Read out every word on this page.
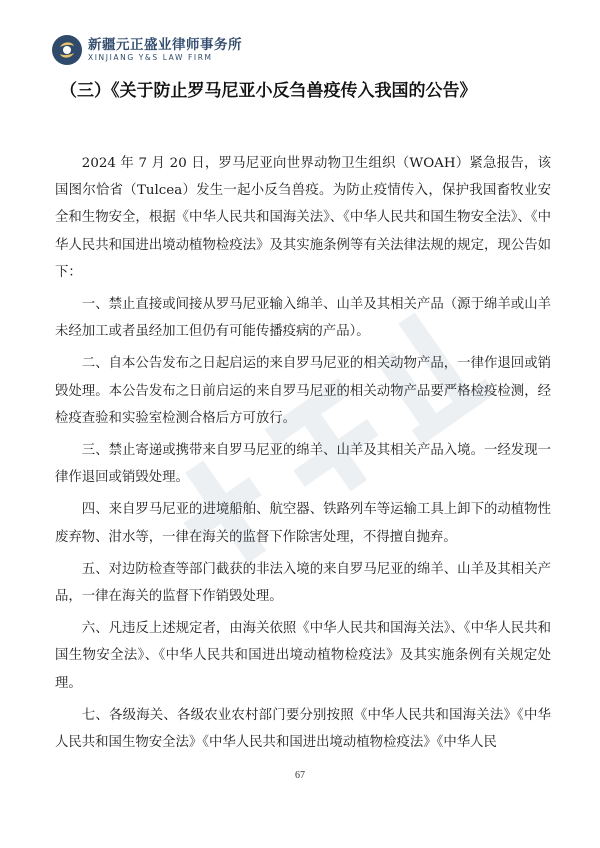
新疆元正盛业律师事务所
XINJIANG Y&S LAW FIRM
（三）《关于防止罗马尼亚小反刍兽疫传入我国的公告》

2024 年 7 月 20 日，罗马尼亚向世界动物卫生组织（WOAH）紧急报告，该国图尔恰省（Tulcea）发生一起小反刍兽疫。为防止疫情传入，保护我国畜牧业安全和生物安全，根据《中华人民共和国海关法》、《中华人民共和国生物安全法》、《中华人民共和国进出境动植物检疫法》及其实施条例等有关法律法规的规定，现公告如下：

一、禁止直接或间接从罗马尼亚输入绵羊、山羊及其相关产品（源于绵羊或山羊未经加工或者虽经加工但仍有可能传播疫病的产品）。

二、自本公告发布之日起启运的来自罗马尼亚的相关动物产品，一律作退回或销毁处理。本公告发布之日前启运的来自罗马尼亚的相关动物产品要严格检疫检测，经检疫查验和实验室检测合格后方可放行。

三、禁止寄递或携带来自罗马尼亚的绵羊、山羊及其相关产品入境。一经发现一律作退回或销毁处理。

四、来自罗马尼亚的进境船舶、航空器、铁路列车等运输工具上卸下的动植物性废弃物、泔水等，一律在海关的监督下作除害处理，不得擅自抛弃。

五、对边防检查等部门截获的非法入境的来自罗马尼亚的绵羊、山羊及其相关产品，一律在海关的监督下作销毁处理。

六、凡违反上述规定者，由海关依照《中华人民共和国海关法》、《中华人民共和国生物安全法》、《中华人民共和国进出境动植物检疫法》及其实施条例有关规定处理。

七、各级海关、各级农业农村部门要分别按照《中华人民共和国海关法》《中华人民共和国生物安全法》《中华人民共和国进出境动植物检疫法》《中华人民

67
